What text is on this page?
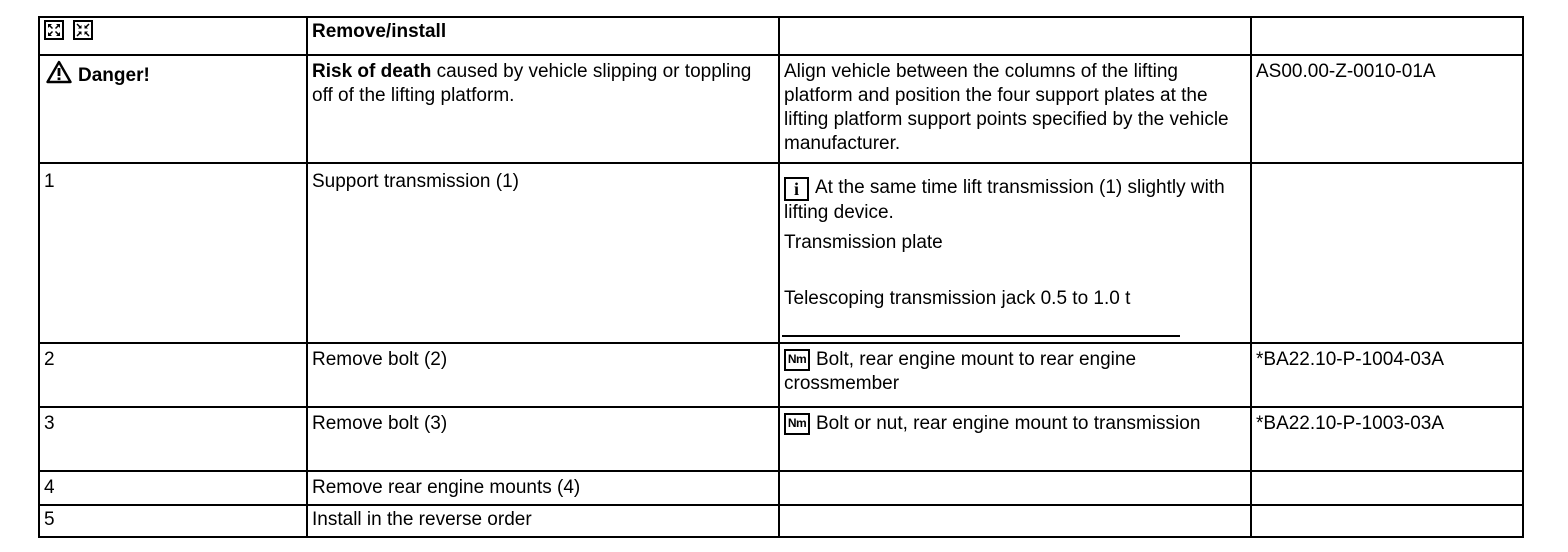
	Remove/install		
Danger!	Risk of death caused by vehicle slipping or toppling off of the lifting platform.	Align vehicle between the columns of the lifting platform and position the four support plates at the lifting platform support points specified by the vehicle manufacturer.	AS00.00-Z-0010-01A
1	Support transmission (1)	i At the same time lift transmission (1) slightly with lifting device.

Transmission plate

Telescoping transmission jack 0.5 to 1.0 t	

2	Remove bolt (2)	Nm Bolt, rear engine mount to rear engine crossmember	*BA22.10-P-1004-03A
3	Remove bolt (3)	Nm Bolt or nut, rear engine mount to transmission	*BA22.10-P-1003-03A
4	Remove rear engine mounts (4)		
5	Install in the reverse order		
